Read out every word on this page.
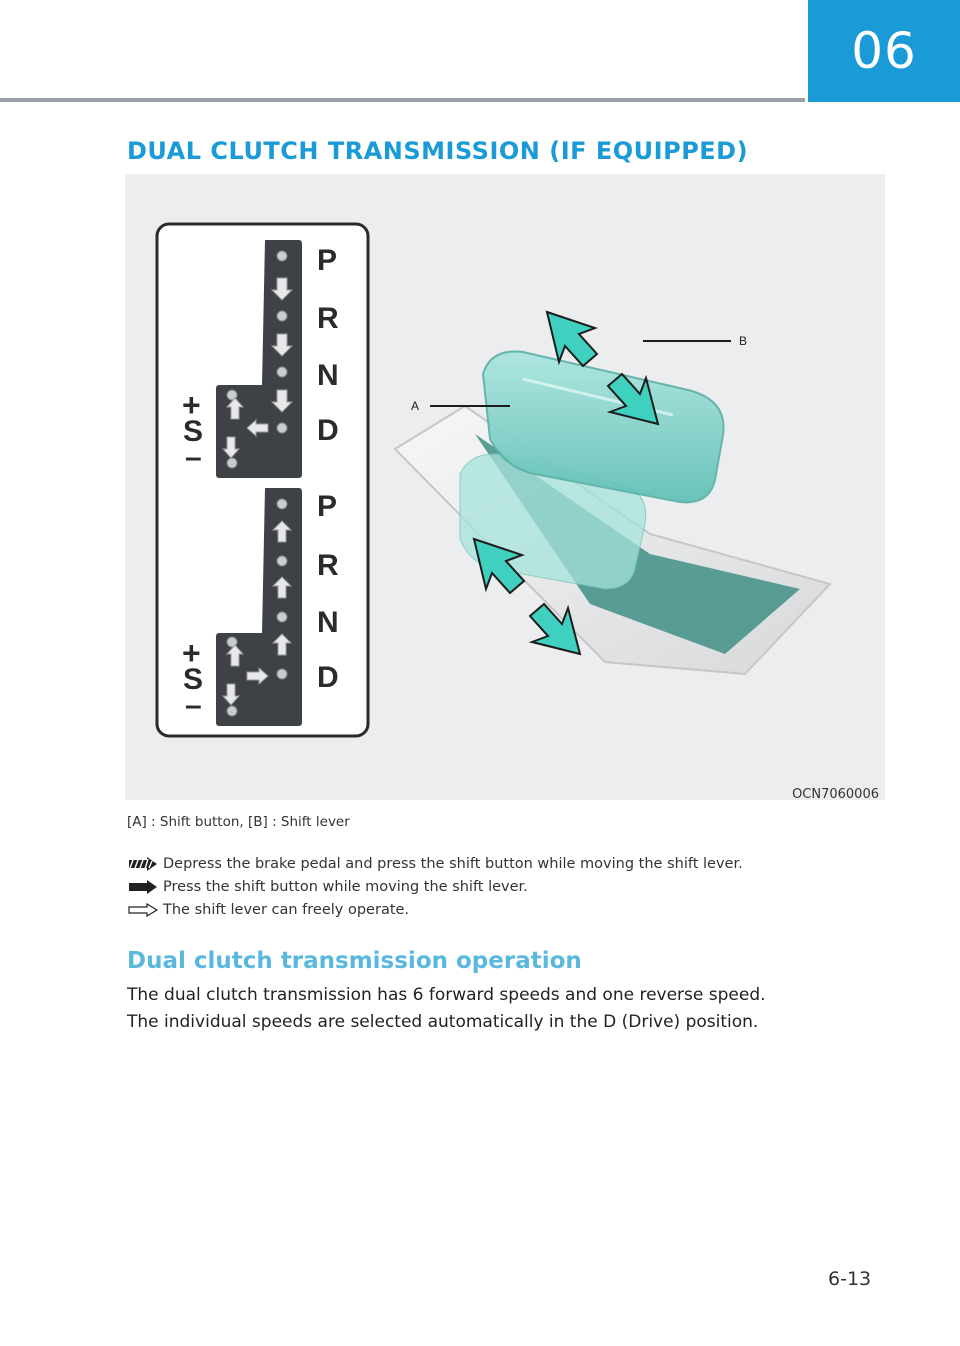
06
DUAL CLUTCH TRANSMISSION (IF EQUIPPED)
P
R
N
D
+
S
–
P
R
N
D
+
S
–
B
A
OCN7060006
[A] : Shift button, [B] : Shift lever
Depress the brake pedal and press the shift button while moving the shift lever.
Press the shift button while moving the shift lever.
The shift lever can freely operate.
Dual clutch transmission operation

The dual clutch transmission has 6 forward speeds and one reverse speed.

The individual speeds are selected automatically in the D (Drive) position.

6-13
